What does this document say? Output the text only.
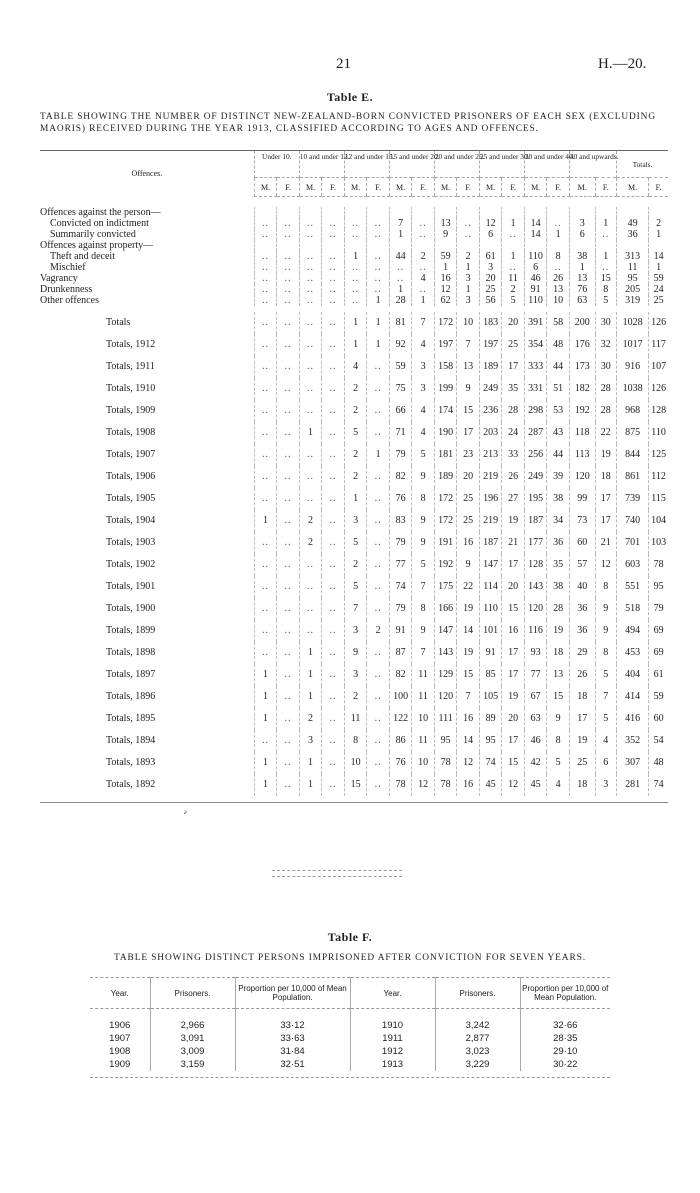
21	H.—20.
Table E.
TABLE SHOWING THE NUMBER OF DISTINCT NEW-ZEALAND-BORN CONVICTED PRISONERS OF EACH SEX (EXCLUDING MAORIS) RECEIVED DURING THE YEAR 1913, CLASSIFIED ACCORDING TO AGES AND OFFENCES.
Offences.	Under 10.		10 and under 12.		12 and under 15.		15 and under 20.		20 and under 25.		25 and under 30.		30 and under 40.		40 and upwards.		Totals.	
	M.	F.	M.	F.	M.	F.	M.	F.	M.	F.	M.	F.	M.	F.	M.	F.	M.	F.

Offences against the person—																		
Convicted on indictment	..	..	..	..	..	..	7	..	13	..	12	1	14	..	3	1	49	2
Summarily convicted	..	..	..	..	..	..	1	..	9	..	6	..	14	1	6	..	36	1
Offences against property—																		
Theft and deceit	..	..	..	..	1	..	44	2	59	2	61	1	110	8	38	1	313	14
Mischief	..	..	..	..	..	..	..	..	1	1	3	..	6	..	1	..	11	1
Vagrancy	..	..	..	..	..	..	..	4	16	3	20	11	46	26	13	15	95	59
Drunkenness	..	..	..	..	..	..	1	..	12	1	25	2	91	13	76	8	205	24
Other offences	..	..	..	..	..	1	28	1	62	3	56	5	110	10	63	5	319	25

Totals	..	..	..	..	1	1	81	7	172	10	183	20	391	58	200	30	1028	126
Totals, 1912	..	..	..	..	1	1	92	4	197	7	197	25	354	48	176	32	1017	117
Totals, 1911	..	..	..	..	4	..	59	3	158	13	189	17	333	44	173	30	916	107
Totals, 1910	..	..	..	..	2	..	75	3	199	9	249	35	331	51	182	28	1038	126
Totals, 1909	..	..	..	..	2	..	66	4	174	15	236	28	298	53	192	28	968	128
Totals, 1908	..	..	1	..	5	..	71	4	190	17	203	24	287	43	118	22	875	110
Totals, 1907	..	..	..	..	2	1	79	5	181	23	213	33	256	44	113	19	844	125
Totals, 1906	..	..	..	..	2	..	82	9	189	20	219	26	249	39	120	18	861	112
Totals, 1905	..	..	..	..	1	..	76	8	172	25	196	27	195	38	99	17	739	115
Totals, 1904	1	..	2	..	3	..	83	9	172	25	219	19	187	34	73	17	740	104
Totals, 1903	..	..	2	..	5	..	79	9	191	16	187	21	177	36	60	21	701	103
Totals, 1902	..	..	..	..	2	..	77	5	192	9	147	17	128	35	57	12	603	78
Totals, 1901	..	..	..	..	5	..	74	7	175	22	114	20	143	38	40	8	551	95
Totals, 1900	..	..	..	..	7	..	79	8	166	19	110	15	120	28	36	9	518	79
Totals, 1899	..	..	..	..	3	2	91	9	147	14	101	16	116	19	36	9	494	69
Totals, 1898	..	..	1	..	9	..	87	7	143	19	91	17	93	18	29	8	453	69
Totals, 1897	1	..	1	..	3	..	82	11	129	15	85	17	77	13	26	5	404	61
Totals, 1896	1	..	1	..	2	..	100	11	120	7	105	19	67	15	18	7	414	59
Totals, 1895	1	..	2	..	11	..	122	10	111	16	89	20	63	9	17	5	416	60
Totals, 1894	..	..	3	..	8	..	86	11	95	14	95	17	46	8	19	4	352	54
Totals, 1893	1	..	1	..	10	..	76	10	78	12	74	15	42	5	25	6	307	48
Totals, 1892	1	..	1	..	15	..	78	12	78	16	45	12	45	4	18	3	281	74
٫
Table F.
TABLE SHOWING DISTINCT PERSONS IMPRISONED AFTER CONVICTION FOR SEVEN YEARS.
Year.	Prisoners.	Proportion per 10,000 of Mean Population.	Year.	Prisoners.	Proportion per 10,000 of Mean Population.

1906	2,966	33·12	1910	3,242	32·66
1907	3,091	33·63	1911	2,877	28·35
1908	3,009	31·84	1912	3,023	29·10
1909	3,159	32·51	1913	3,229	30·22
